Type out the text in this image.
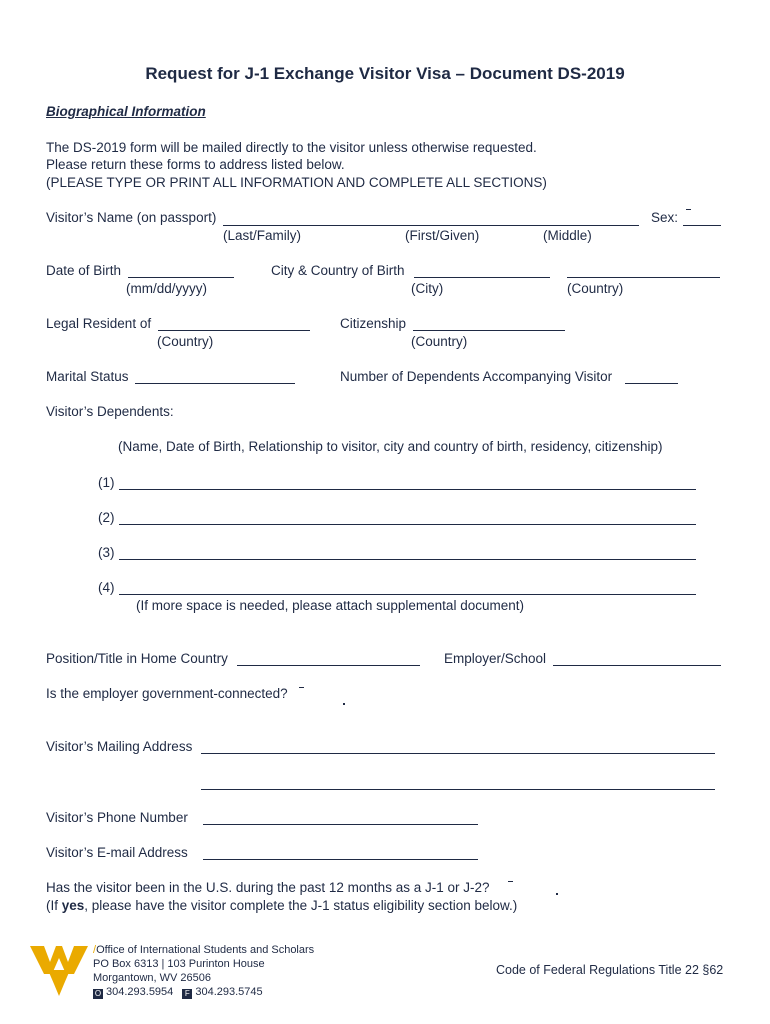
Request for J-1 Exchange Visitor Visa – Document DS-2019
Biographical Information
The DS-2019 form will be mailed directly to the visitor unless otherwise requested.
Please return these forms to address listed below.
(PLEASE TYPE OR PRINT ALL INFORMATION AND COMPLETE ALL SECTIONS)
Visitor’s Name (on passport)	Sex:
(Last/Family)	(First/Given)	(Middle)
Date of Birth	City & Country of Birth
(mm/dd/yyyy)	(City)	(Country)
Legal Resident of	Citizenship
(Country)	(Country)
Marital Status	Number of Dependents Accompanying Visitor
Visitor’s Dependents:
(Name, Date of Birth, Relationship to visitor, city and country of birth, residency, citizenship)
(1)
(2)
(3)
(4)
(If more space is needed, please attach supplemental document)
Position/Title in Home Country	Employer/School
Is the employer government-connected?
Visitor’s Mailing Address
Visitor’s Phone Number
Visitor’s E-mail Address
Has the visitor been in the U.S. during the past 12 months as a J-1 or J-2?
(If yes, please have the visitor complete the J-1 status eligibility section below.)
/Office of International Students and Scholars
PO Box 6313 | 103 Purinton House
Morgantown, WV 26506
O 304.293.5954 F 304.293.5745
Code of Federal Regulations Title 22 §62
